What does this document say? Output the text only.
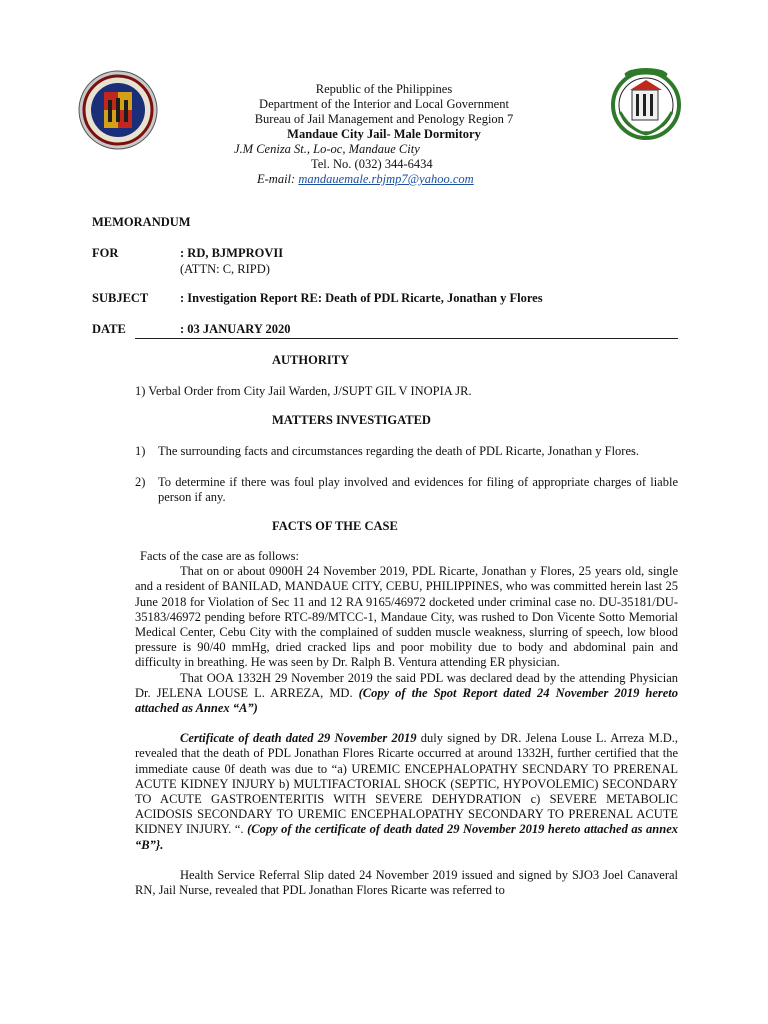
Republic of the Philippines
Department of the Interior and Local Government
Bureau of Jail Management and Penology Region 7
Mandaue City Jail- Male Dormitory
J.M Ceniza St., Lo-oc, Mandaue City
Tel. No. (032) 344-6434
E-mail: mandauemale.rbjmp7@yahoo.com
MEMORANDUM
FOR	: RD, BJMPROVII
(ATTN: C, RIPD)
SUBJECT	: Investigation Report RE: Death of PDL Ricarte, Jonathan y Flores
DATE	: 03 JANUARY 2020
AUTHORITY
1) Verbal Order from City Jail Warden, J/SUPT GIL V INOPIA JR.
MATTERS INVESTIGATED
1) The surrounding facts and circumstances regarding the death of PDL Ricarte, Jonathan y Flores.
2) To determine if there was foul play involved and evidences for filing of appropriate charges of liable person if any.
FACTS OF THE CASE

Facts of the case are as follows:

That on or about 0900H 24 November 2019, PDL Ricarte, Jonathan y Flores, 25 years old, single and a resident of BANILAD, MANDAUE CITY, CEBU, PHILIPPINES, who was committed herein last 25 June 2018 for Violation of Sec 11 and 12 RA 9165/46972 docketed under criminal case no. DU-35181/DU-35183/46972 pending before RTC-89/MTCC-1, Mandaue City, was rushed to Don Vicente Sotto Memorial Medical Center, Cebu City with the complained of sudden muscle weakness, slurring of speech, low blood pressure is 90/40 mmHg, dried cracked lips and poor mobility due to body and abdominal pain and difficulty in breathing. He was seen by Dr. Ralph B. Ventura attending ER physician.

That OOA 1332H 29 November 2019 the said PDL was declared dead by the attending Physician Dr. JELENA LOUSE L. ARREZA, MD. (Copy of the Spot Report dated 24 November 2019 hereto attached as Annex “A”)

Certificate of death dated 29 November 2019 duly signed by DR. Jelena Louse L. Arreza M.D., revealed that the death of PDL Jonathan Flores Ricarte occurred at around 1332H, further certified that the immediate cause 0f death was due to “a) UREMIC ENCEPHALOPATHY SECNDARY TO PRERENAL ACUTE KIDNEY INJURY b) MULTIFACTORIAL SHOCK (SEPTIC, HYPOVOLEMIC) SECONDARY TO ACUTE GASTROENTERITIS WITH SEVERE DEHYDRATION c) SEVERE METABOLIC ACIDOSIS SECONDARY TO UREMIC ENCEPHALOPATHY SECONDARY TO PRERENAL ACUTE KIDNEY INJURY. “. (Copy of the certificate of death dated 29 November 2019 hereto attached as annex “B”}.

Health Service Referral Slip dated 24 November 2019 issued and signed by SJO3 Joel Canaveral RN, Jail Nurse, revealed that PDL Jonathan Flores Ricarte was referred to
